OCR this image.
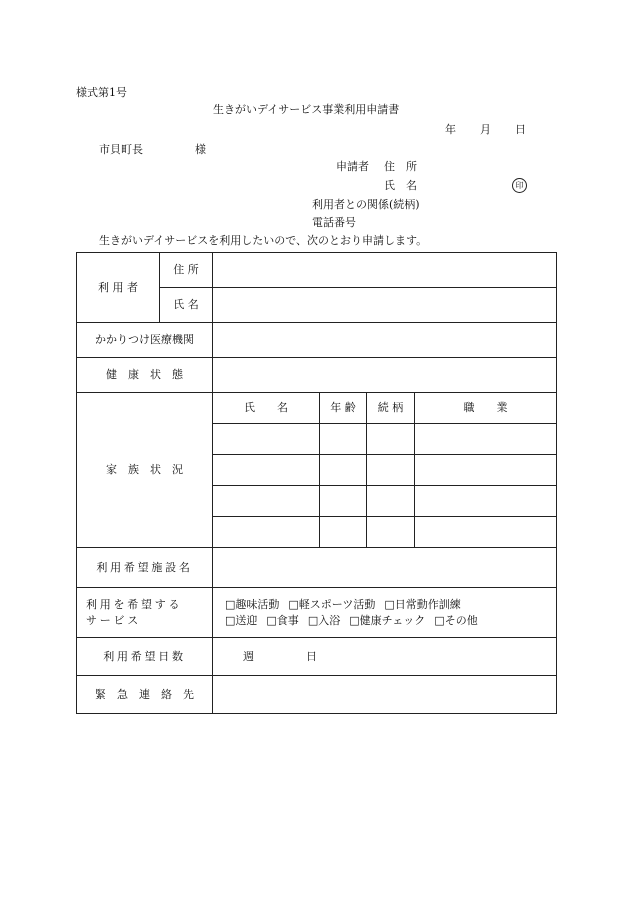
様式第1号
生きがいデイサービス事業利用申請書
年 月 日
市貝町長	様
申請者 住　所
氏　名	印
利用者との関係(続柄)
電話番号
生きがいデイサービスを利用したいので、次のとおり申請します。
利 用 者	住 所				
	氏 名				
かかりつけ医療機関					
健　康　状　態					
家　族　状　況		氏　　名	年 齢	続 柄	職　　業

利用希望施設名					

利用を希望する
サービス		□趣味活動 □軽スポーツ活動 □日常動作訓練
□送迎 □食事 □入浴 □健康チェック □その他			

利用希望日数		週 日			
緊　急　連　絡　先					
